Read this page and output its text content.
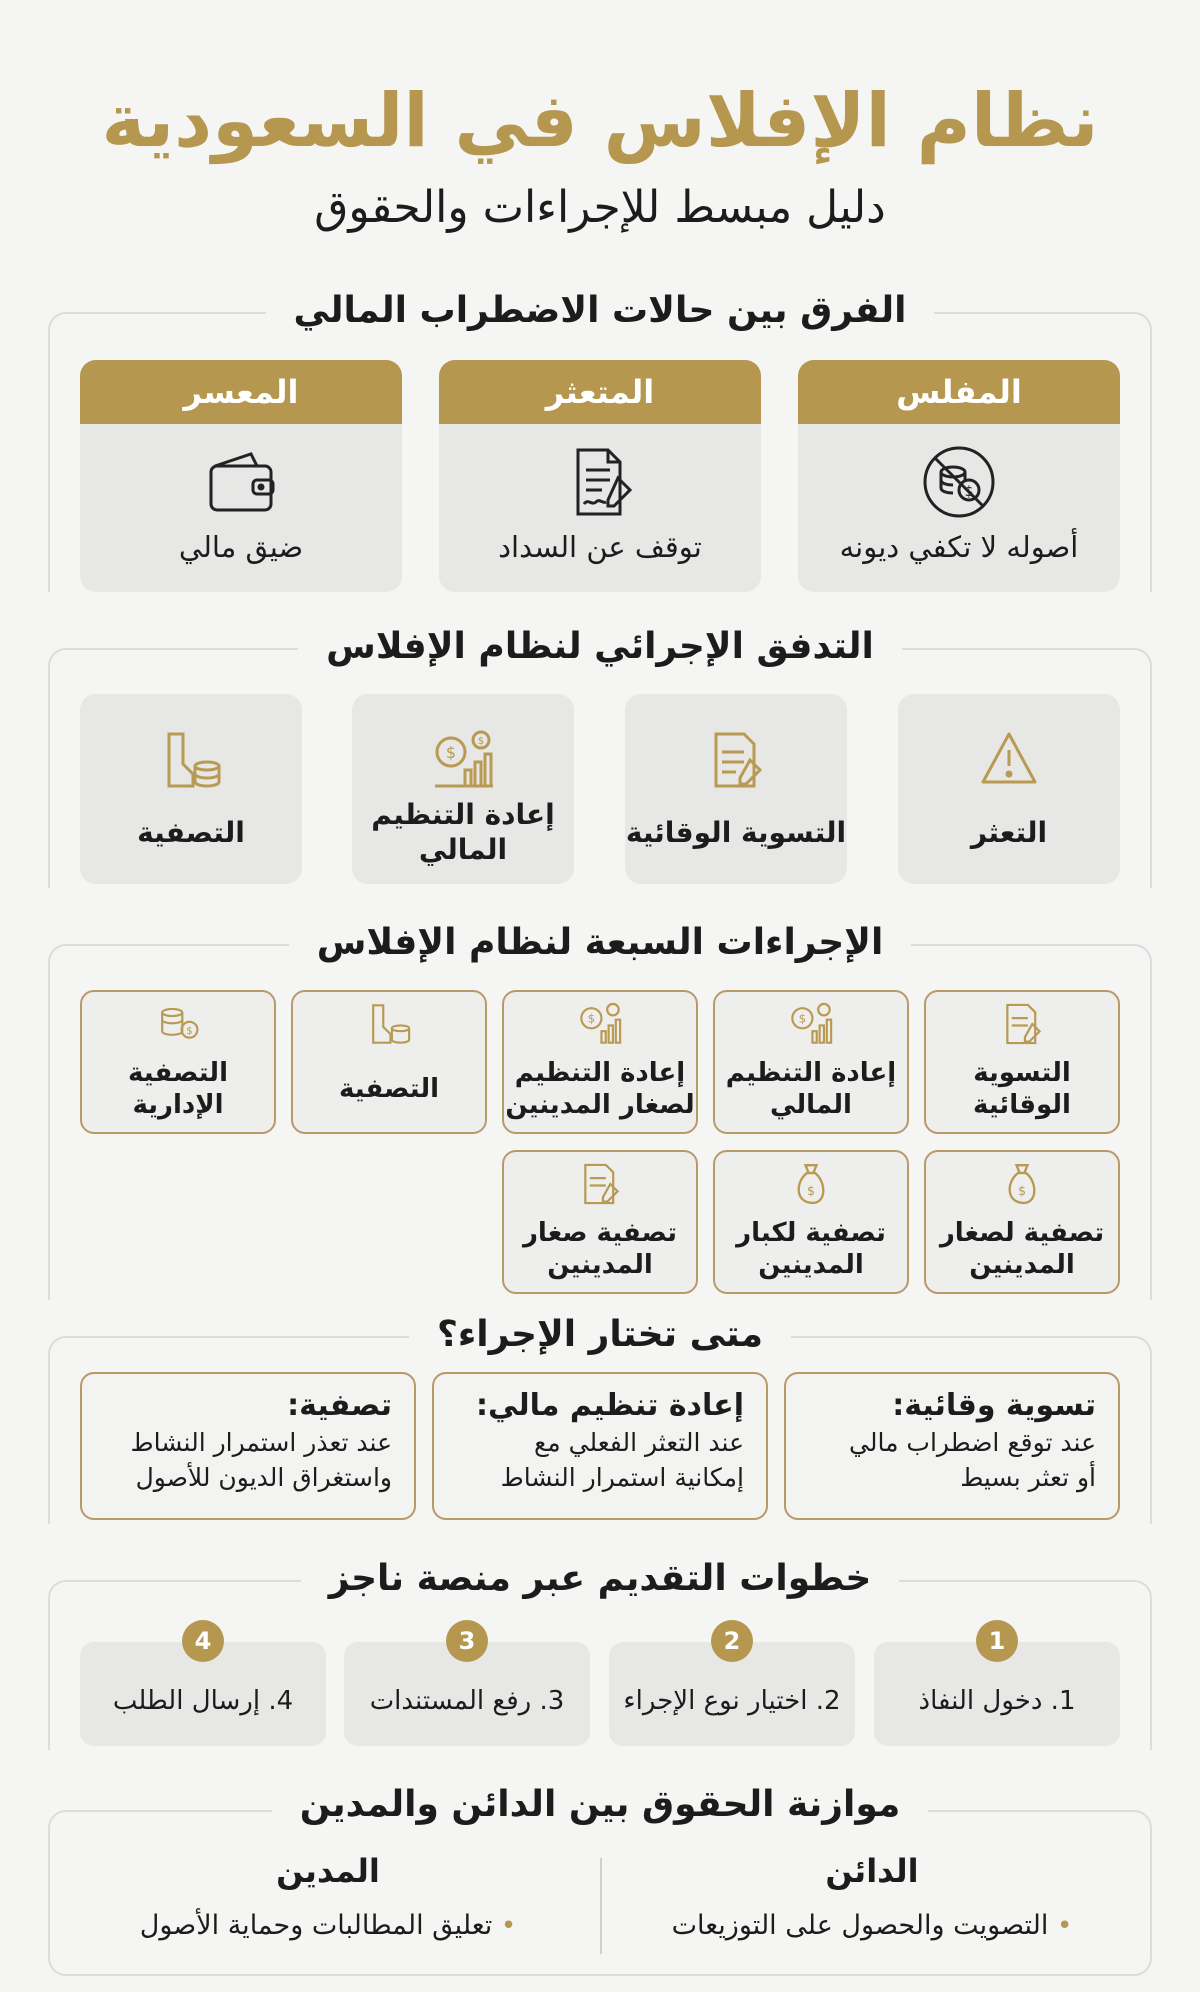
نظام الإفلاس في السعودية
دليل مبسط للإجراءات والحقوق
الفرق بين حالات الاضطراب المالي
المفلس
$
أصوله لا تكفي ديونه
المتعثر
توقف عن السداد
المعسر
ضيق مالي
التدفق الإجرائي لنظام الإفلاس
التعثر
التسوية الوقائية
$
$
إعادة التنظيم المالي
التصفية
الإجراءات السبعة لنظام الإفلاس
التسوية الوقائية
$
إعادة التنظيم المالي
$
إعادة التنظيم لصغار المدينين
التصفية
$
التصفية الإدارية
$
تصفية لصغار المدينين
$
تصفية لكبار المدينين
تصفية صغار المدينين
متى تختار الإجراء؟
تسوية وقائية:
عند توقع اضطراب مالي
أو تعثر بسيط
إعادة تنظيم مالي:
عند التعثر الفعلي مع
إمكانية استمرار النشاط
تصفية:
عند تعذر استمرار النشاط
واستغراق الديون للأصول
خطوات التقديم عبر منصة ناجز
1. دخول النفاذ
1
2. اختيار نوع الإجراء
2
3. رفع المستندات
3
4. إرسال الطلب
4
موازنة الحقوق بين الدائن والمدين
الدائن
• التصويت والحصول على التوزيعات
المدين
• تعليق المطالبات وحماية الأصول
